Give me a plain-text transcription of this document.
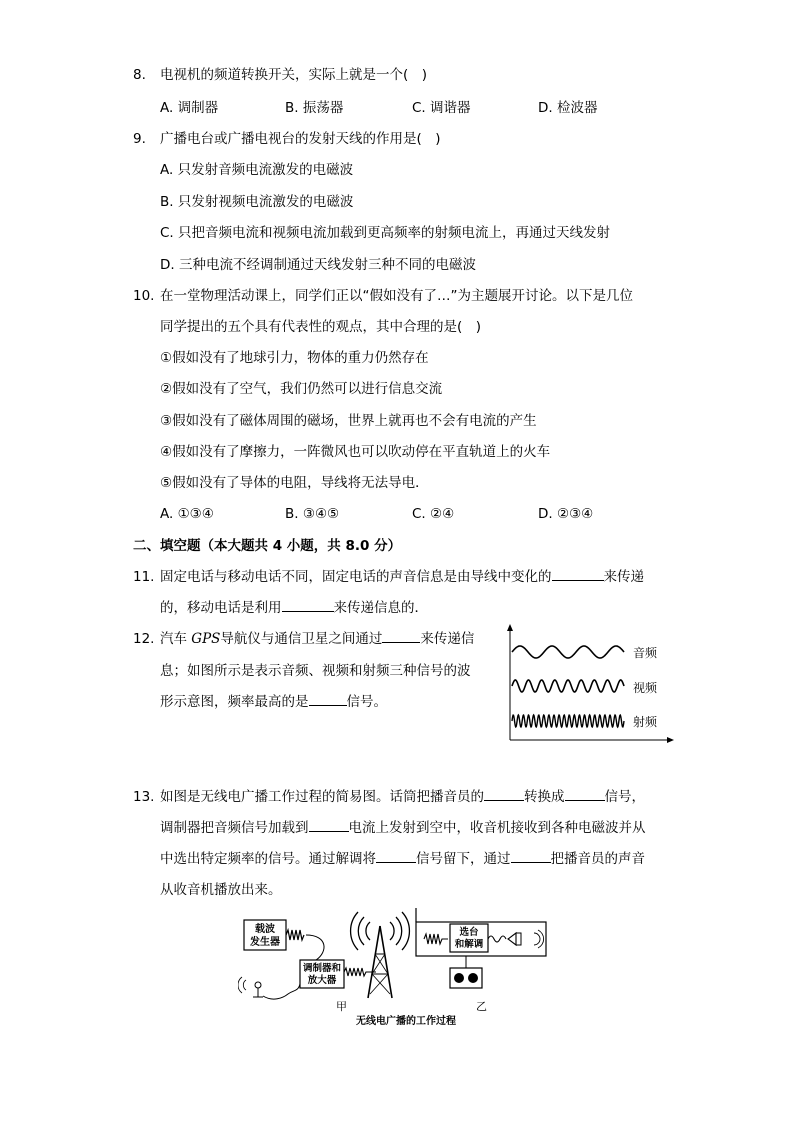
8. 电视机的频道转换开关，实际上就是一个(　)
A. 调制器	B. 振荡器	C. 调谐器	D. 检波器
9. 广播电台或广播电视台的发射天线的作用是(　)
A. 只发射音频电流激发的电磁波
B. 只发射视频电流激发的电磁波
C. 只把音频电流和视频电流加载到更高频率的射频电流上，再通过天线发射
D. 三种电流不经调制通过天线发射三种不同的电磁波
10. 在一堂物理活动课上，同学们正以“假如没有了…”为主题展开讨论。以下是几位
同学提出的五个具有代表性的观点，其中合理的是(　)
①假如没有了地球引力，物体的重力仍然存在
②假如没有了空气，我们仍然可以进行信息交流
③假如没有了磁体周围的磁场，世界上就再也不会有电流的产生
④假如没有了摩擦力，一阵微风也可以吹动停在平直轨道上的火车
⑤假如没有了导体的电阻，导线将无法导电．
A. ①③④	B. ③④⑤	C. ②④	D. ②③④
二、填空题（本大题共 4 小题，共 8.0 分）
11. 固定电话与移动电话不同，固定电话的声音信息是由导线中变化的	来传递
的，移动电话是利用	来传递信息的．
12. 汽车 GPS导航仪与通信卫星之间通过	来传递信
息；如图所示是表示音频、视频和射频三种信号的波
形示意图，频率最高的是	信号。
音频
视频
射频
13. 如图是无线电广播工作过程的简易图。话筒把播音员的	转换成	信号，
调制器把音频信号加载到	电流上发射到空中，收音机接收到各种电磁波并从
中选出特定频率的信号。通过解调将	信号留下，通过	把播音员的声音
从收音机播放出来。
载波
发生器
调制器和
放大器
甲
选台
和解调
乙
无线电广播的工作过程
